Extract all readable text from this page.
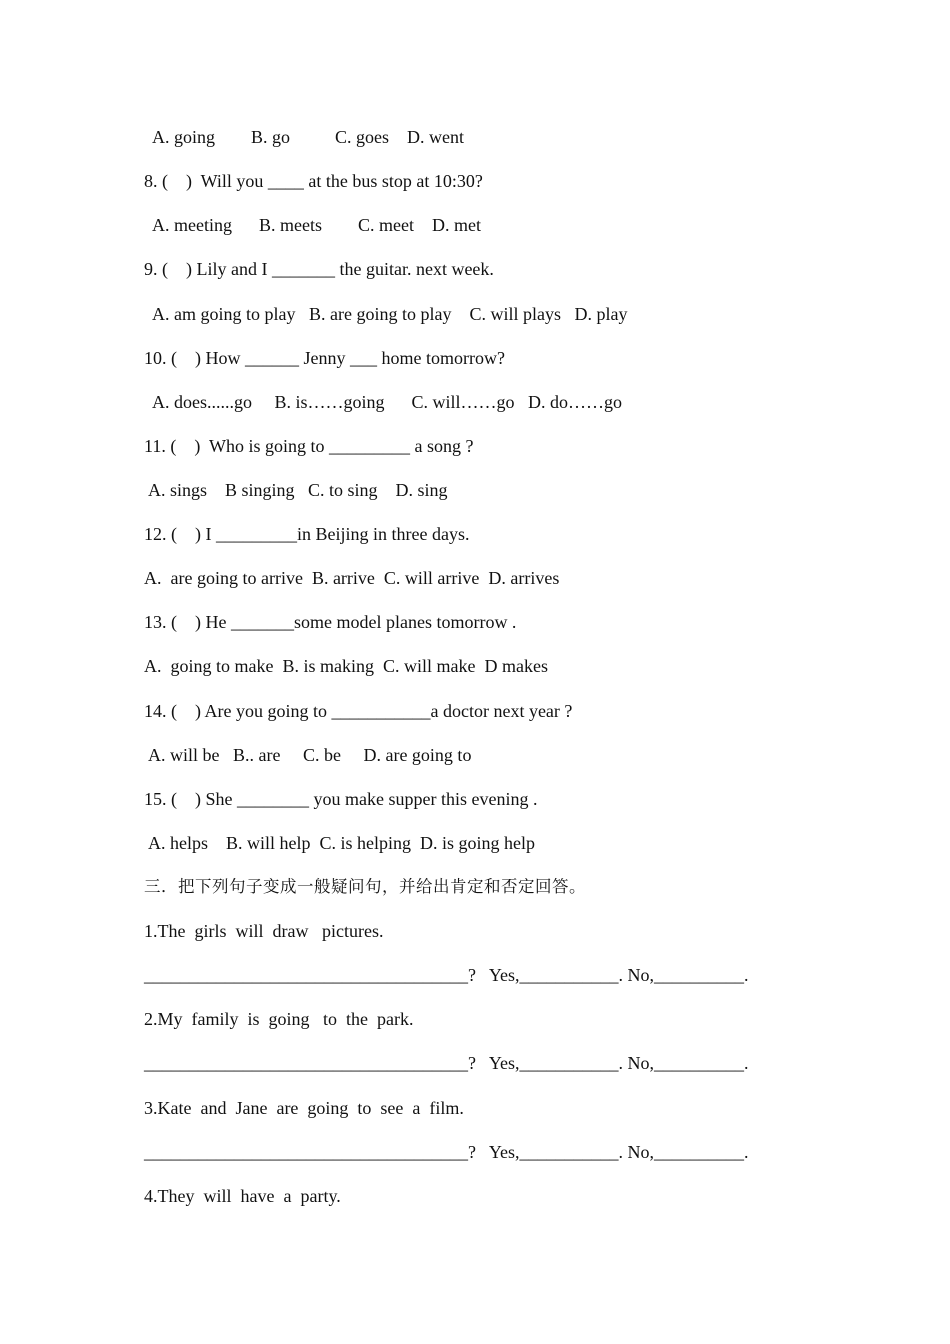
A. going        B. go          C. goes    D. went
8. (    )  Will you ____ at the bus stop at 10:30?
A. meeting      B. meets        C. meet    D. met
9. (    ) Lily and I _______ the guitar. next week.
A. am going to play   B. are going to play    C. will plays   D. play
10. (    ) How ______ Jenny ___ home tomorrow?
A. does......go     B. is……going      C. will……go   D. do……go
11. (    )  Who is going to _________ a song ?
A. sings    B singing   C. to sing    D. sing
12. (    ) I _________in Beijing in three days.
A.  are going to arrive  B. arrive  C. will arrive  D. arrives
13. (    ) He _______some model planes tomorrow .
A.  going to make  B. is making  C. will make  D makes
14. (    ) Are you going to ___________a doctor next year ?
A. will be   B.. are     C. be     D. are going to
15. (    ) She ________ you make supper this evening .
A. helps    B. will help  C. is helping  D. is going help
三．把下列句子变成一般疑问句，并给出肯定和否定回答。
1.The  girls  will  draw   pictures.
____________________________________?   Yes,___________. No,__________.
2.My  family  is  going   to  the  park.
____________________________________?   Yes,___________. No,__________.
3.Kate  and  Jane  are  going  to  see  a  film.
____________________________________?   Yes,___________. No,__________.
4.They  will  have  a  party.
